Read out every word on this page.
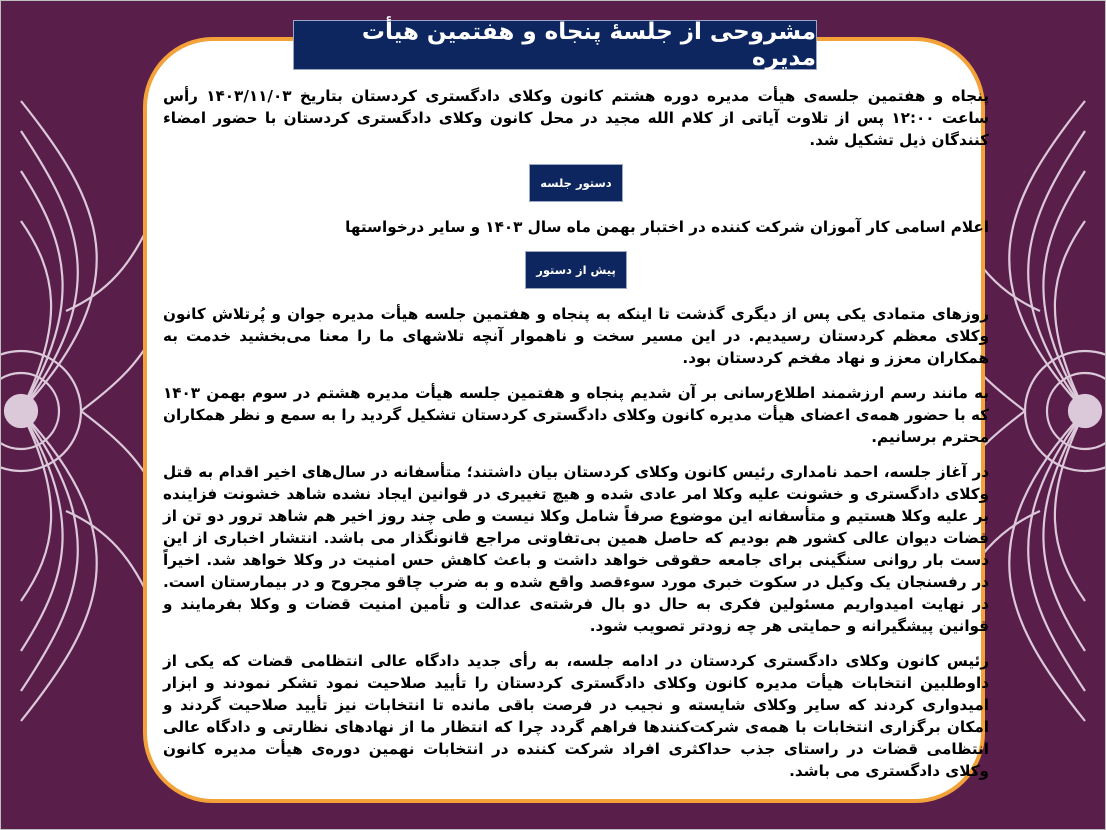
مشروحی از جلسهٔ پنجاه و هفتمین هیأت مدیره

پنجاه و هفتمین جلسه‌ی هیأت مدیره دوره هشتم کانون وکلای دادگستری کردستان بتاریخ ۱۴۰۳/۱۱/۰۳ رأس ساعت ۱۲:۰۰ پس از تلاوت آیاتی از کلام الله مجید در محل کانون وکلای دادگستری کردستان با حضور امضاء کنندگان ذیل تشکیل شد.

دستور جلسه

اعلام اسامی کار آموزان شرکت کننده در اختبار بهمن ماه سال ۱۴۰۳ و سایر درخواستها

پیش از دستور

روزهای متمادی یکی پس از دیگری گذشت تا اینکه به پنجاه و هفتمین جلسه هیأت مدیره جوان و پُرتلاش کانون وکلای معظم کردستان رسیدیم. در این مسیر سخت و ناهموار آنچه تلاشهای ما را معنا می‌بخشید خدمت به همکاران معزز و نهاد مفخم کردستان بود.

به مانند رسم ارزشمند اطلاع‌رسانی بر آن شدیم پنجاه و هفتمین جلسه هیأت مدیره هشتم در سوم بهمن ۱۴۰۳ که با حضور همه‌ی اعضای هیأت مدیره کانون وکلای دادگستری کردستان تشکیل گردید را به سمع و نظر همکاران محترم برسانیم.

در آغاز جلسه، احمد نامداری رئیس کانون وکلای کردستان بیان داشتند؛ متأسفانه در سال‌های اخیر اقدام به قتل وکلای دادگستری و خشونت علیه وکلا امر عادی شده و هیچ تغییری در قوانین ایجاد نشده شاهد خشونت فزاینده بر علیه وکلا هستیم و متأسفانه این موضوع صرفاً شامل وکلا نیست و طی چند روز اخیر هم شاهد ترور دو تن از قضات دیوان عالی کشور هم بودیم که حاصل همین بی‌تفاوتی مراجع قانونگذار می باشد. انتشار اخباری از این دست بار روانی سنگینی برای جامعه حقوقی خواهد داشت و باعث کاهش حس امنیت در وکلا خواهد شد. اخیراً در رفسنجان یک وکیل در سکوت خبری مورد سوءقصد واقع شده و به ضرب چاقو مجروح و در بیمارستان است. در نهایت امیدواریم مسئولین فکری به حال دو بال فرشته‌ی عدالت و تأمین امنیت قضات و وکلا بفرمایند و قوانین پیشگیرانه و حمایتی هر چه زودتر تصویب شود.

رئیس کانون وکلای دادگستری کردستان در ادامه جلسه، به رأی جدید دادگاه عالی انتظامی قضات که یکی از داوطلبین انتخابات هیأت مدیره کانون وکلای دادگستری کردستان را تأیید صلاحیت نمود تشکر نمودند و ابزار امیدواری کردند که سایر وکلای شایسته و نجیب در فرصت باقی مانده تا انتخابات نیز تأیید صلاحیت گردند و امکان برگزاری انتخابات با همه‌ی شرکت‌کنندها فراهم گردد چرا که انتظار ما از نهادهای نظارتی و دادگاه عالی انتظامی قضات در راستای جذب حداکثری افراد شرکت کننده در انتخابات نهمین دوره‌ی هیأت مدیره کانون وکلای دادگستری می باشد.
